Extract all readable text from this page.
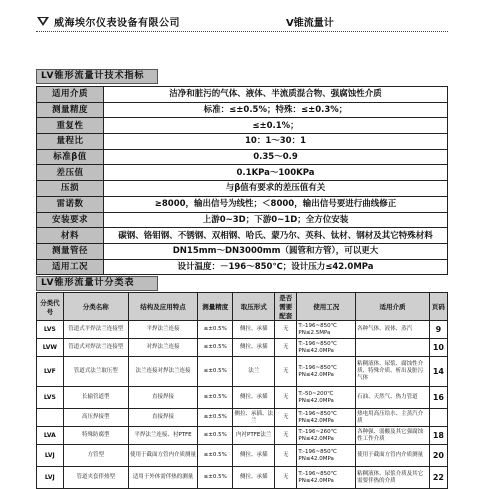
威海埃尔仪表设备有限公司	V锥流量计
LV锥形流量计技术指标
适用介质	洁净和脏污的气体、液体、半流质混合物、强腐蚀性介质
测量精度	标准：≤±0.5%；特殊：≤±0.3%；
重复性	≤±0.1%；
量程比	10：1～30：1
标准β值	0.35～0.9
差压值	0.1KPa～100KPa
压损	与β值有要求的差压值有关
雷诺数	≥8000，输出信号为线性；＜8000，输出信号要进行曲线修正
安装要求	上游0~3D；下游0~1D；全方位安装
材料	碳钢、铬钼钢、不锈钢、双相钢、哈氏、蒙乃尔、英科、钛材、钢材及其它特殊材料
测量管径	DN15mm～DN3000mm（圆管和方管），可以更大
适用工况	设计温度：－196～850℃；设计压力≤42.0MPa
LV锥形流量计分类表
分类代号	分类名称	结构及应用特点	测量精度	取压形式	是否需要配套	使用工况	适用介质	页码
LVS	管道式平焊法兰连接型	平焊法兰连接	≤±0.5%	侧拉、承插	无	T:-196~850℃ PN≤2.5MPa	各种气体、液体、蒸汽	9
LVW	管道式对焊法兰连接型	对焊法兰连接	≤±0.5%	侧拉、承插	无	T:-196~850℃ PN≤42.0MPa		10
LVF	管道式法兰取压型	法兰连接对焊法兰连接	≤±0.5%	法兰	无	T:-196~850℃ PN≤42.0MPa	粘稠液体、尿浆、腐蚀性介质、特殊介质、析出及脏污气体	14
LVS	长输管道型	直接焊接	≤±0.5%	侧拉、承插	无	T:-50~200℃ PN≤42.0MPa	石油、天然气、热力管道	16
	高压焊接型	直接焊接	≤±0.5%	侧拉、承插、法兰	无	T:-196~850℃ PN≤42.0MPa	热电用高压给水、主蒸汽介质	
LVA	特殊防腐型	平焊法兰连接、衬PTFE	≤±0.5%	内衬PTFE法兰	无	T:-196~260℃ PN≤42.0MPa	各种强、弱酸及其它强腐蚀性工作介质	18
LVJ	方管型	使用于截面方管内介质测量	≤±0.5%	侧拉、承插	无	T:-196~850℃ PN≤42.0MPa	使用于截面方管内介质测量	20
LVJ	管道夹套伴热型	适用于外体需伴热的测量	≤±0.5%	侧拉、承插	无	T:-196~850℃ PN≤42.0MPa	粘稠液体、尿浆介质及其它需要伴热的介质	22
